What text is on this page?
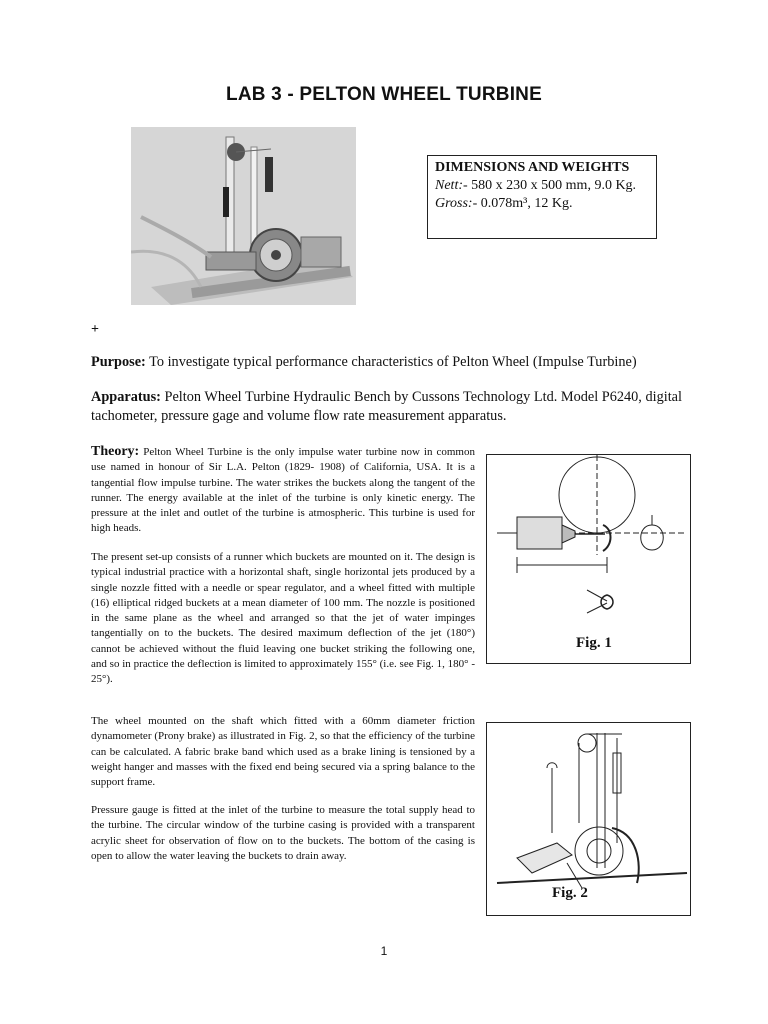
LAB 3 - PELTON WHEEL TURBINE
DIMENSIONS AND WEIGHTS
Nett:- 580 x 230 x 500 mm, 9.0 Kg.
Gross:- 0.078m³, 12 Kg.
+
Purpose: To investigate typical performance characteristics of Pelton Wheel (Impulse Turbine)
Apparatus: Pelton Wheel Turbine Hydraulic Bench by Cussons Technology Ltd. Model P6240, digital tachometer, pressure gage and volume flow rate measurement apparatus.
Theory: Pelton Wheel Turbine is the only impulse water turbine now in common use named in honour of Sir L.A. Pelton (1829- 1908) of California, USA. It is a tangential flow impulse turbine. The water strikes the buckets along the tangent of the runner. The energy available at the inlet of the turbine is only kinetic energy. The pressure at the inlet and outlet of the turbine is atmospheric. This turbine is used for high heads.
The present set-up consists of a runner which buckets are mounted on it. The design is typical industrial practice with a horizontal shaft, single horizontal jets produced by a single nozzle fitted with a needle or spear regulator, and a wheel fitted with multiple (16) elliptical ridged buckets at a mean diameter of 100 mm. The nozzle is positioned in the same plane as the wheel and arranged so that the jet of water impinges tangentially on to the buckets. The desired maximum deflection of the jet (180°) cannot be achieved without the fluid leaving one bucket striking the following one, and so in practice the deflection is limited to approximately 155° (i.e. see Fig. 1, 180° - 25°).
The wheel mounted on the shaft which fitted with a 60mm diameter friction dynamometer (Prony brake) as illustrated in Fig. 2, so that the efficiency of the turbine can be calculated. A fabric brake band which used as a brake lining is tensioned by a weight hanger and masses with the fixed end being secured via a spring balance to the support frame.
Pressure gauge is fitted at the inlet of the turbine to measure the total supply head to the turbine. The circular window of the turbine casing is provided with a transparent acrylic sheet for observation of flow on to the buckets. The bottom of the casing is open to allow the water leaving the buckets to drain away.
Fig. 1
Fig. 2
1
